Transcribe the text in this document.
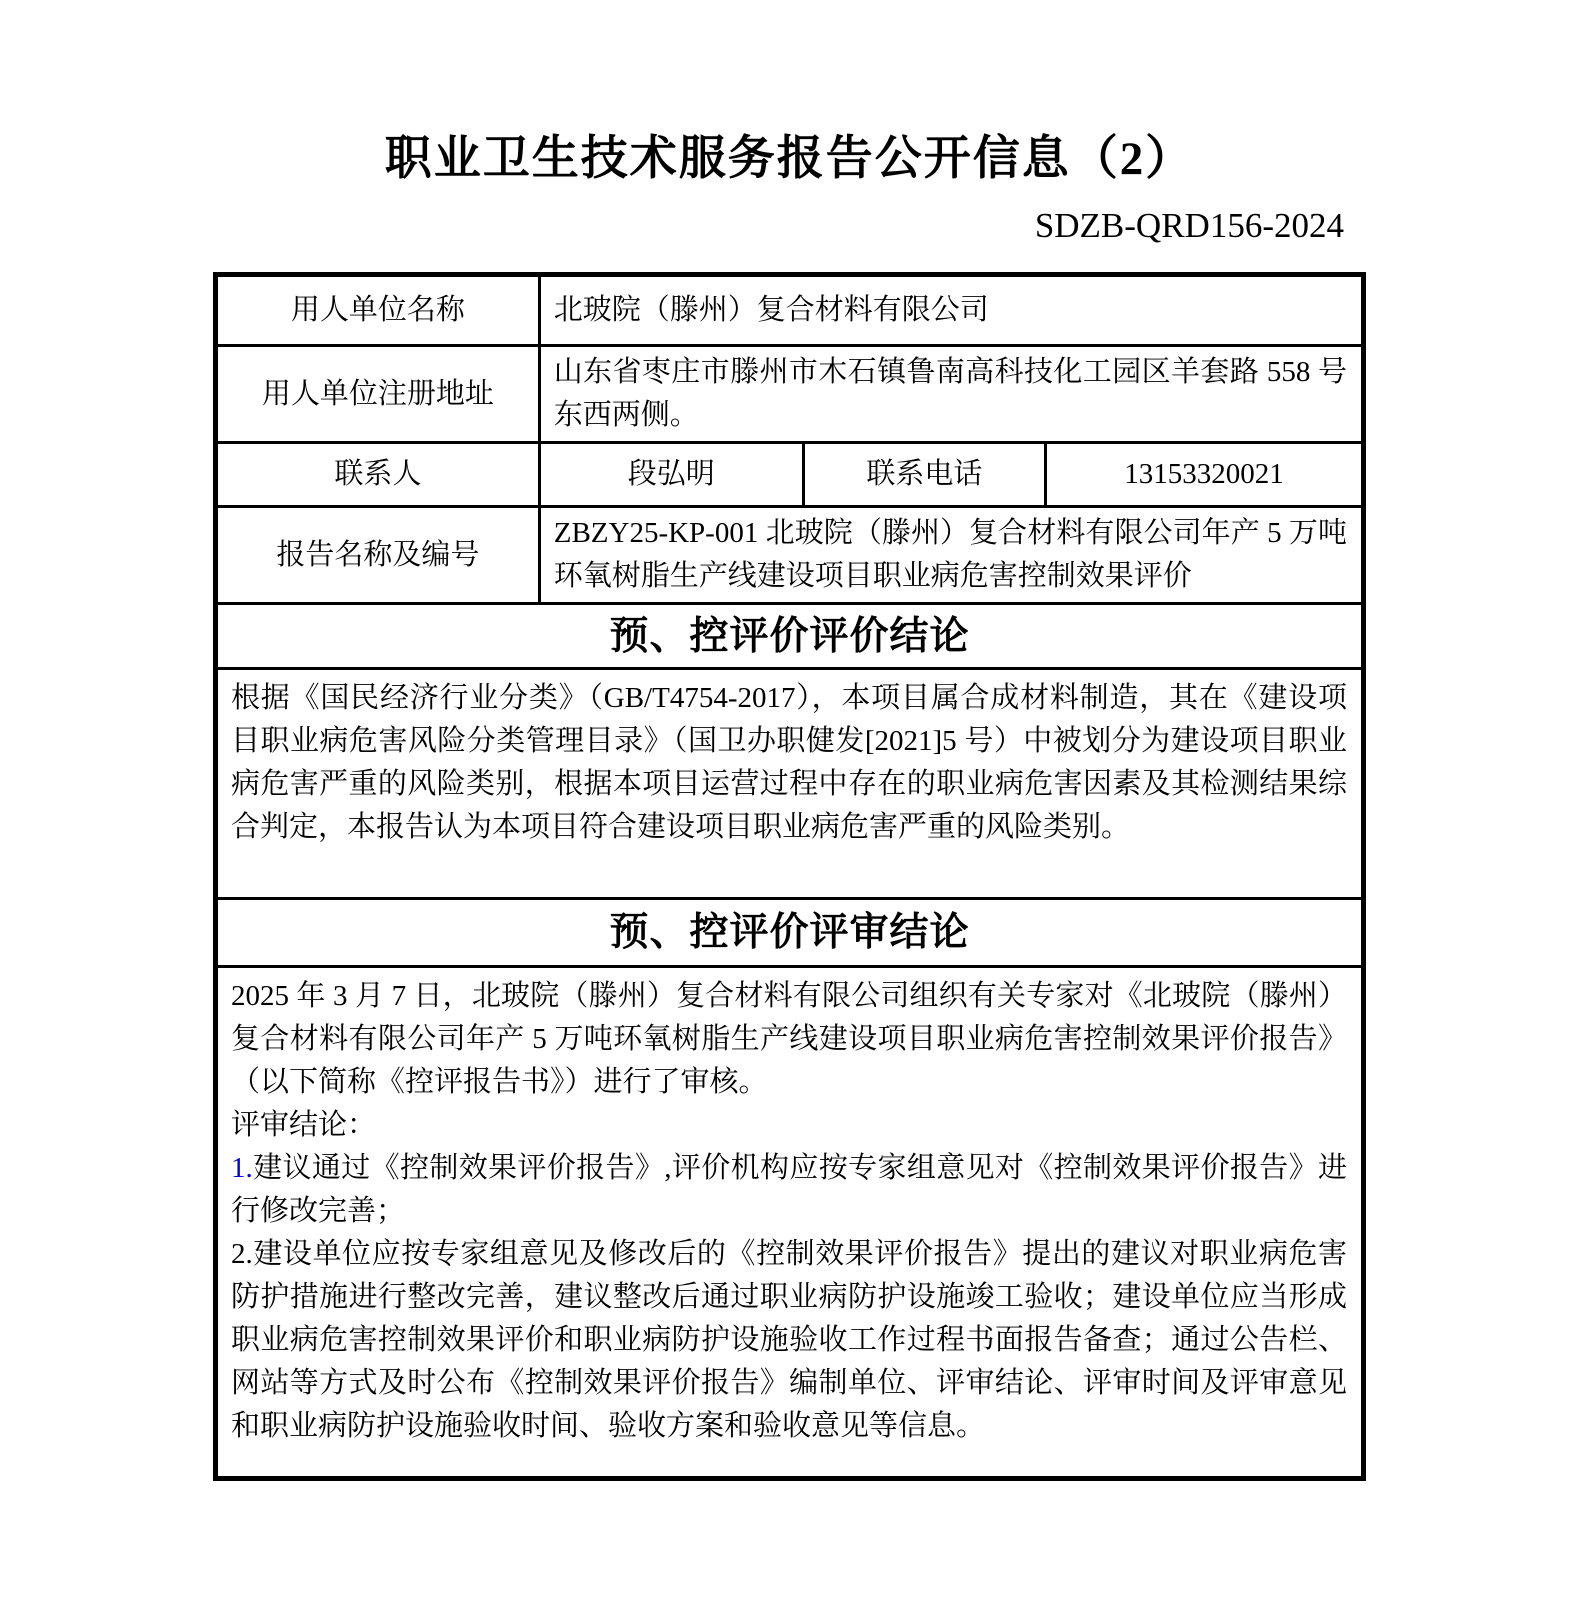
职业卫生技术服务报告公开信息（2）
SDZB-QRD156-2024
用人单位名称	北玻院（滕州）复合材料有限公司		
用人单位注册地址	山东省枣庄市滕州市木石镇鲁南高科技化工园区羊套路 558 号东西两侧。		
联系人	段弘明	联系电话	13153320021
报告名称及编号	ZBZY25-KP-001 北玻院（滕州）复合材料有限公司年产 5 万吨环氧树脂生产线建设项目职业病危害控制效果评价		
预、控评价评价结论			
根据《国民经济行业分类》（GB/T4754-2017），本项目属合成材料制造，其在《建设项目职业病危害风险分类管理目录》（国卫办职健发[2021]5 号）中被划分为建设项目职业病危害严重的风险类别，根据本项目运营过程中存在的职业病危害因素及其检测结果综合判定，本报告认为本项目符合建设项目职业病危害严重的风险类别。			
预、控评价评审结论			

2025 年 3 月 7 日，北玻院（滕州）复合材料有限公司组织有关专家对《北玻院（滕州）复合材料有限公司年产 5 万吨环氧树脂生产线建设项目职业病危害控制效果评价报告》（以下简称《控评报告书》）进行了审核。
评审结论：
1.建议通过《控制效果评价报告》,评价机构应按专家组意见对《控制效果评价报告》进行修改完善；
2.建设单位应按专家组意见及修改后的《控制效果评价报告》提出的建议对职业病危害防护措施进行整改完善，建议整改后通过职业病防护设施竣工验收；建设单位应当形成职业病危害控制效果评价和职业病防护设施验收工作过程书面报告备查；通过公告栏、网站等方式及时公布《控制效果评价报告》编制单位、评审结论、评审时间及评审意见和职业病防护设施验收时间、验收方案和验收意见等信息。			
